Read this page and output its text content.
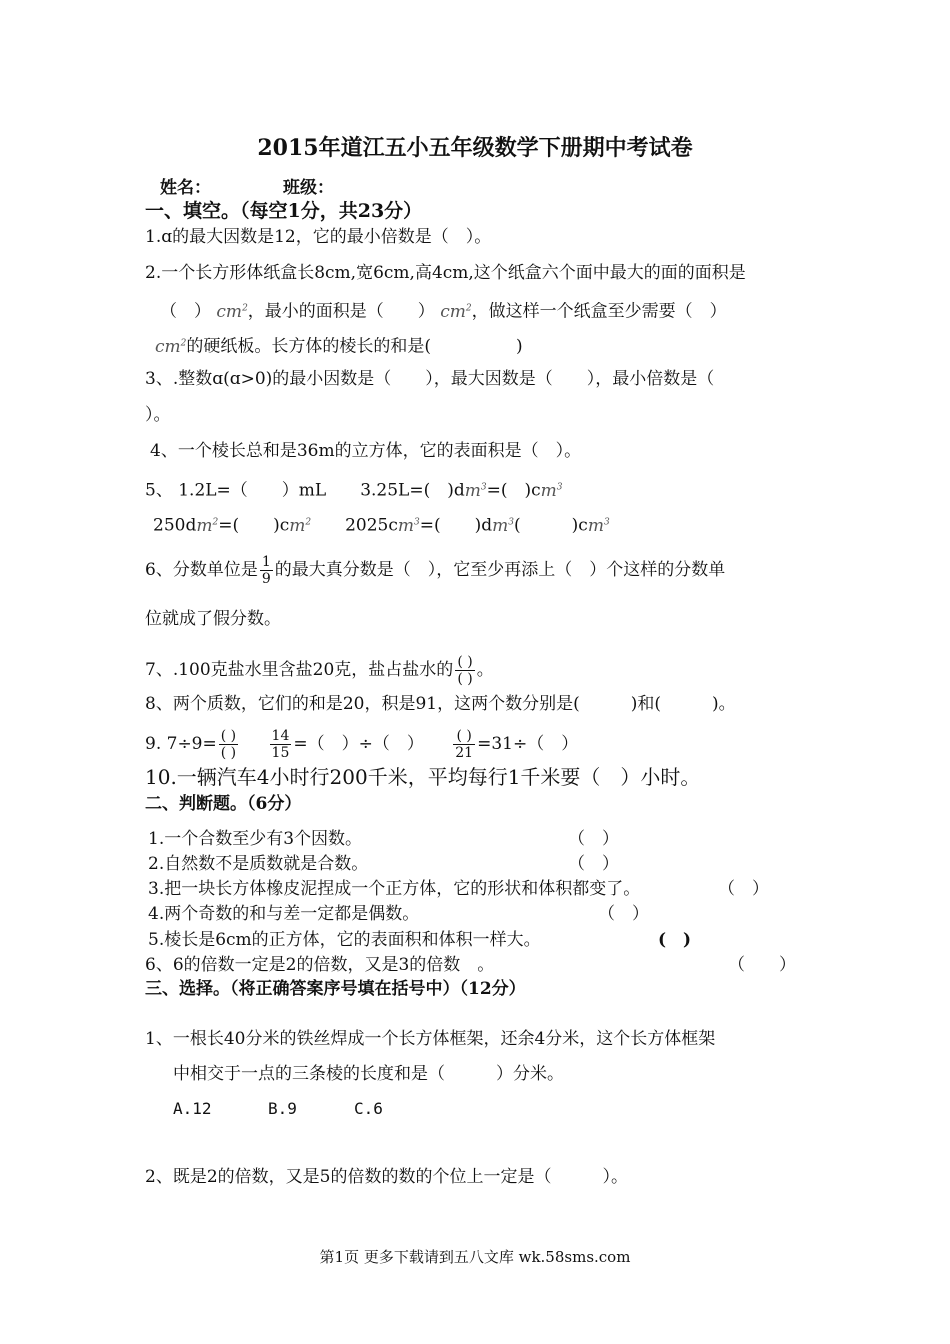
2015年道江五小五年级数学下册期中考试卷
姓名：	班级：
一、填空。（每空1分，共23分）
1.ɑ的最大因数是12，它的最小倍数是（　）。
2.一个长方形体纸盒长8cm,宽6cm,高4cm,这个纸盒六个面中最大的面的面积是
（　） $cm^2$，最小的面积是（　　） $cm^2$，做这样一个纸盒至少需要（　）
$cm^2$的硬纸板。长方体的棱长的和是(　　　　　)
3、.整数ɑ(ɑ>0)的最小因数是（　　），最大因数是（　　），最小倍数是（
）。
4、一个棱长总和是36m的立方体，它的表面积是（　）。
5、 1.2L=（　　）mL　　3.25L=(　)$dm^3=$(　)$cm^3$
$250dm^2=$(　　)$cm^2$　　$2025cm^3=$(　　)$dm^3$(　　　)$cm^3$
6、分数单位是 $\frac{1}{9}$ 的最大真分数是（　），它至少再添上（　）个这样的分数单
位就成了假分数。
7、.100克盐水里含盐20克，盐占盐水的 $\frac{( )}{( )}$ 。
8、两个质数，它们的和是20，积是91，这两个数分别是(　　　)和(　　　)。
9. $7\div 9= \frac{( )}{( )}$
$\frac{14}{15}$ =（　）÷（　） $\frac{( )}{21} =31\div$（　）
10.一辆汽车4小时行200千米，平均每行1千米要（　）小时。
二、判断题。（6分）
1.一个合数至少有3个因数。	（　）
2.自然数不是质数就是合数。	（　）
3.把一块长方体橡皮泥捏成一个正方体，它的形状和体积都变了。	（　）
4.两个奇数的和与差一定都是偶数。	（　）
5.棱长是6cm的正方体，它的表面积和体积一样大。	(　)
6、6的倍数一定是2的倍数，又是3的倍数　。	（　　）
三、选择。（将正确答案序号填在括号中）（12分）
1、一根长40分米的铁丝焊成一个长方体框架，还余4分米，这个长方体框架
中相交于一点的三条棱的长度和是（　　　）分米。
A.12	B.9	C.6
2、既是2的倍数，又是5的倍数的数的个位上一定是（　　　）。
第1页 更多下载请到五八文库 wk.58sms.com
